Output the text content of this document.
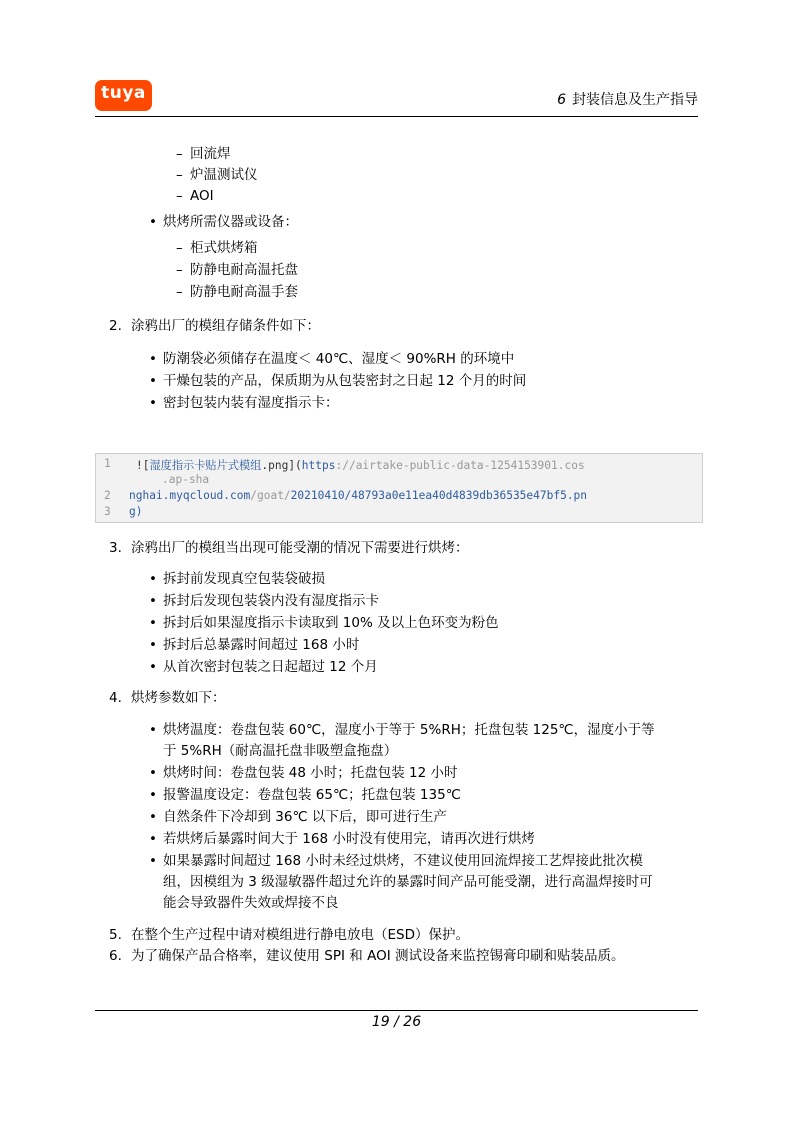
tuya	6 封装信息及生产指导
– 回流焊
– 炉温测试仪
– AOI
• 烘烤所需仪器或设备：
– 柜式烘烤箱
– 防静电耐高温托盘
– 防静电耐高温手套
2. 涂鸦出厂的模组存储条件如下：
• 防潮袋必须储存在温度＜ 40℃、湿度＜ 90%RH 的环境中
• 干燥包装的产品，保质期为从包装密封之日起 12 个月的时间
• 密封包装内装有湿度指示卡：
1 ![湿度指示卡贴片式模组.png](https://airtake-public-data-1254153901.cos
.ap-sha
2 nghai.myqcloud.com/goat/20210410/48793a0e11ea40d4839db36535e47bf5.pn
3 g)
3. 涂鸦出厂的模组当出现可能受潮的情况下需要进行烘烤：
• 拆封前发现真空包装袋破损
• 拆封后发现包装袋内没有湿度指示卡
• 拆封后如果湿度指示卡读取到 10% 及以上色环变为粉色
• 拆封后总暴露时间超过 168 小时
• 从首次密封包装之日起超过 12 个月
4. 烘烤参数如下：
• 烘烤温度：卷盘包装 60℃，湿度小于等于 5%RH；托盘包装 125℃，湿度小于等
于 5%RH（耐高温托盘非吸塑盒拖盘）
• 烘烤时间：卷盘包装 48 小时；托盘包装 12 小时
• 报警温度设定：卷盘包装 65℃；托盘包装 135℃
• 自然条件下冷却到 36℃ 以下后，即可进行生产
• 若烘烤后暴露时间大于 168 小时没有使用完，请再次进行烘烤
• 如果暴露时间超过 168 小时未经过烘烤，不建议使用回流焊接工艺焊接此批次模
组，因模组为 3 级湿敏器件超过允许的暴露时间产品可能受潮，进行高温焊接时可
能会导致器件失效或焊接不良
5. 在整个生产过程中请对模组进行静电放电（ESD）保护。
6. 为了确保产品合格率，建议使用 SPI 和 AOI 测试设备来监控锡膏印刷和贴装品质。
19 / 26
